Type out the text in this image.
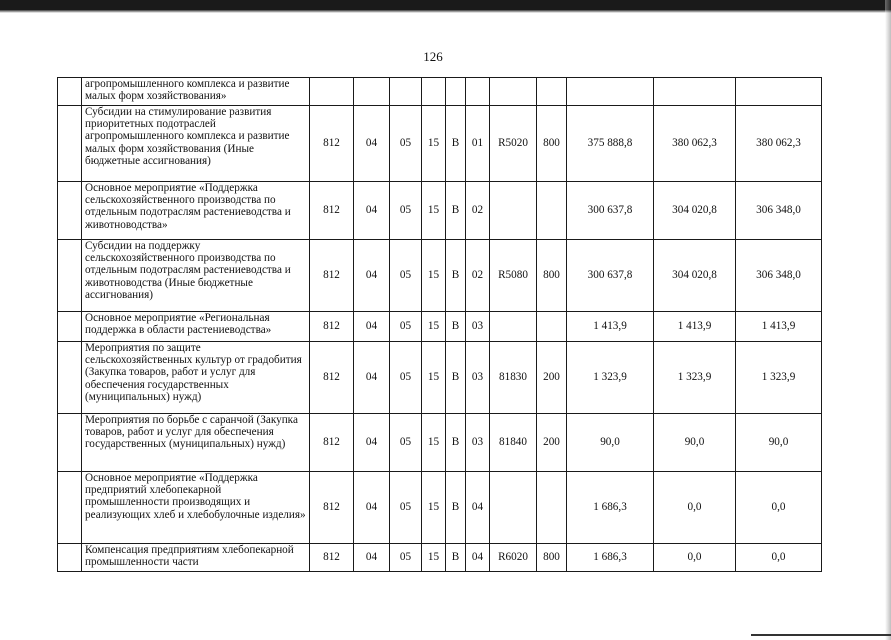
126
	агропромышленного комплекса и развитие малых форм хозяйствования»											
	Субсидии на стимулирование развития приоритетных подотраслей агропромышленного комплекса и развитие малых форм хозяйствования (Иные бюджетные ассигнования)	812	04	05	15	В	01	R5020	800	375 888,8	380 062,3	380 062,3
	Основное мероприятие «Поддержка сельскохозяйственного производства по отдельным подотраслям растениеводства и животноводства»	812	04	05	15	В	02			300 637,8	304 020,8	306 348,0
	Субсидии на поддержку сельскохозяйственного производства по отдельным подотраслям растениеводства и животноводства (Иные бюджетные ассигнования)	812	04	05	15	В	02	R5080	800	300 637,8	304 020,8	306 348,0
	Основное мероприятие «Региональная поддержка в области растениеводства»	812	04	05	15	В	03			1 413,9	1 413,9	1 413,9
	Мероприятия по защите сельскохозяйственных культур от градобития (Закупка товаров, работ и услуг для обеспечения государственных (муниципальных) нужд)	812	04	05	15	В	03	81830	200	1 323,9	1 323,9	1 323,9
	Мероприятия по борьбе с саранчой (Закупка товаров, работ и услуг для обеспечения государственных (муниципальных) нужд)	812	04	05	15	В	03	81840	200	90,0	90,0	90,0
	Основное мероприятие «Поддержка предприятий хлебопекарной промышленности производящих и реализующих хлеб и хлебобулочные изделия»	812	04	05	15	В	04			1 686,3	0,0	0,0
	Компенсация предприятиям хлебопекарной промышленности части	812	04	05	15	В	04	R6020	800	1 686,3	0,0	0,0
